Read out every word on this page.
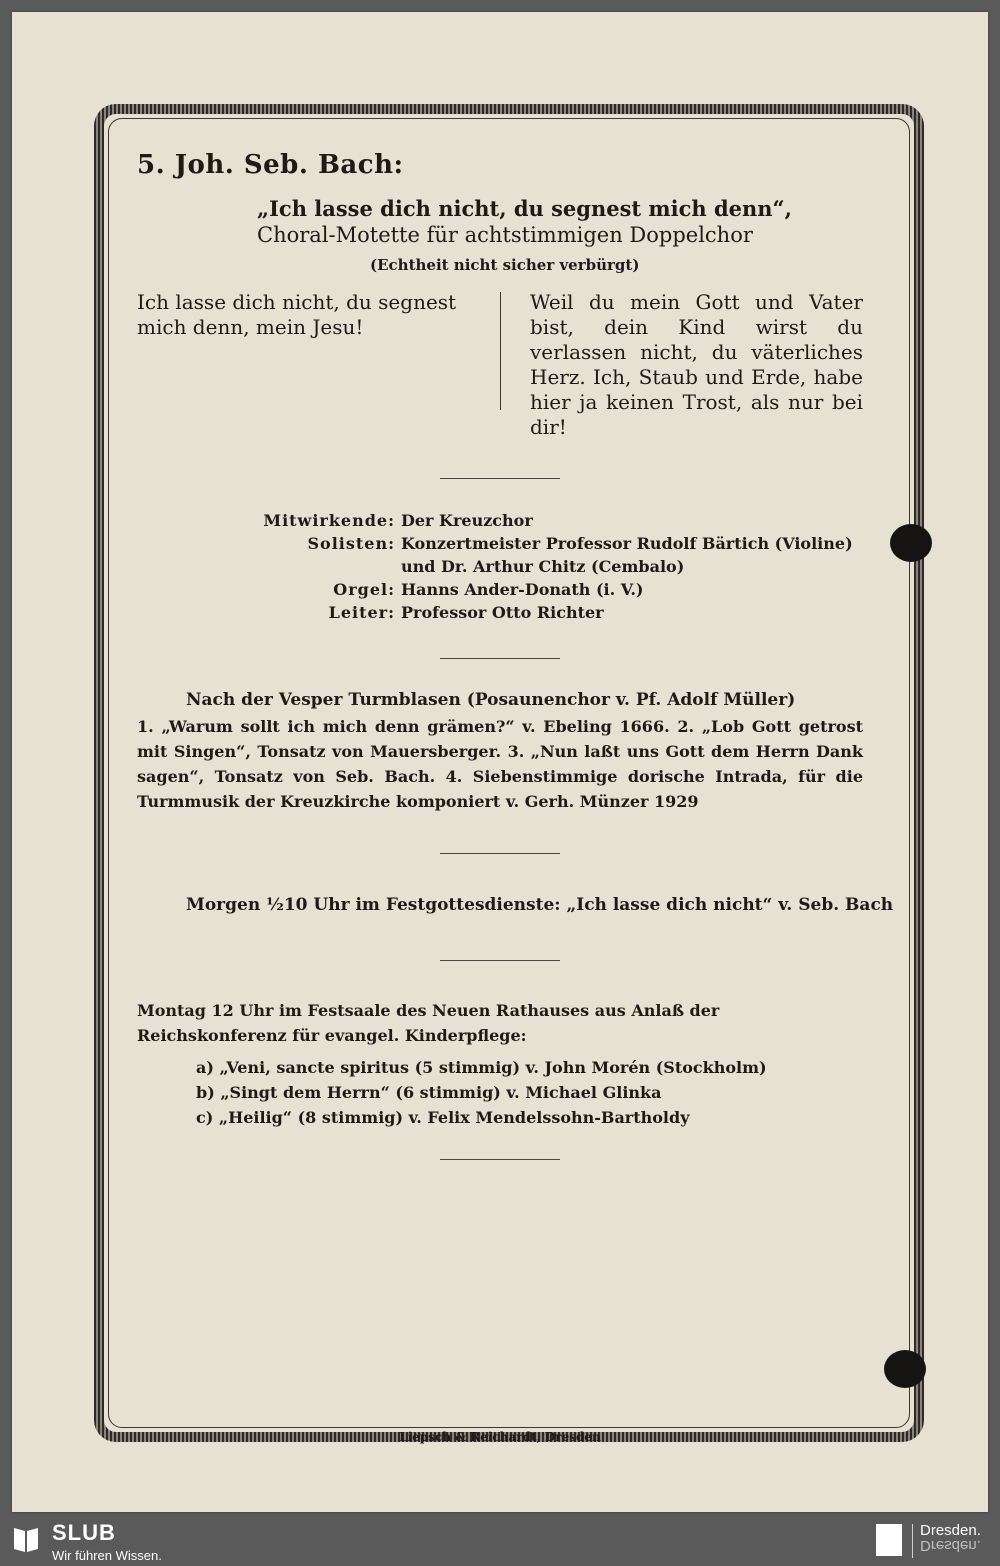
5. Joh. Seb. Bach:
„Ich lasse dich nicht, du segnest mich denn“, Choral-Motette für achtstimmigen Doppelchor
(Echtheit nicht sicher verbürgt)
Ich lasse dich nicht, du segnest mich denn, mein Jesu!
Weil du mein Gott und Vater bist, dein Kind wirst du verlassen nicht, du väterliches Herz. Ich, Staub und Erde, habe hier ja keinen Trost, als nur bei dir!
Mitwirkende: Der Kreuzchor
Solisten: Konzertmeister Professor Rudolf Bärtich (Violine)
und Dr. Arthur Chitz (Cembalo)
Orgel: Hanns Ander-Donath (i. V.)
Leiter: Professor Otto Richter
Nach der Vesper Turmblasen (Posaunenchor v. Pf. Adolf Müller)
1. „Warum sollt ich mich denn grämen?“ v. Ebeling 1666. 2. „Lob Gott getrost mit Singen“, Tonsatz von Mauersberger. 3. „Nun laßt uns Gott dem Herrn Dank sagen“, Tonsatz von Seb. Bach. 4. Siebenstimmige dorische Intrada, für die Turmmusik der Kreuzkirche komponiert v. Gerh. Münzer 1929
Morgen ½10 Uhr im Festgottesdienste: „Ich lasse dich nicht“ v. Seb. Bach
Montag 12 Uhr im Festsaale des Neuen Rathauses aus Anlaß der Reichskonferenz für evangel. Kinderpflege:
a) „Veni, sancte spiritus (5 stimmig) v. John Morén (Stockholm)
b) „Singt dem Herrn“ (6 stimmig) v. Michael Glinka
c) „Heilig“ (8 stimmig) v. Felix Mendelssohn-Bartholdy
Liepsch & Reichardt, Dresden
SLUB
Wir führen Wissen.
Dresden.
Dresden.
